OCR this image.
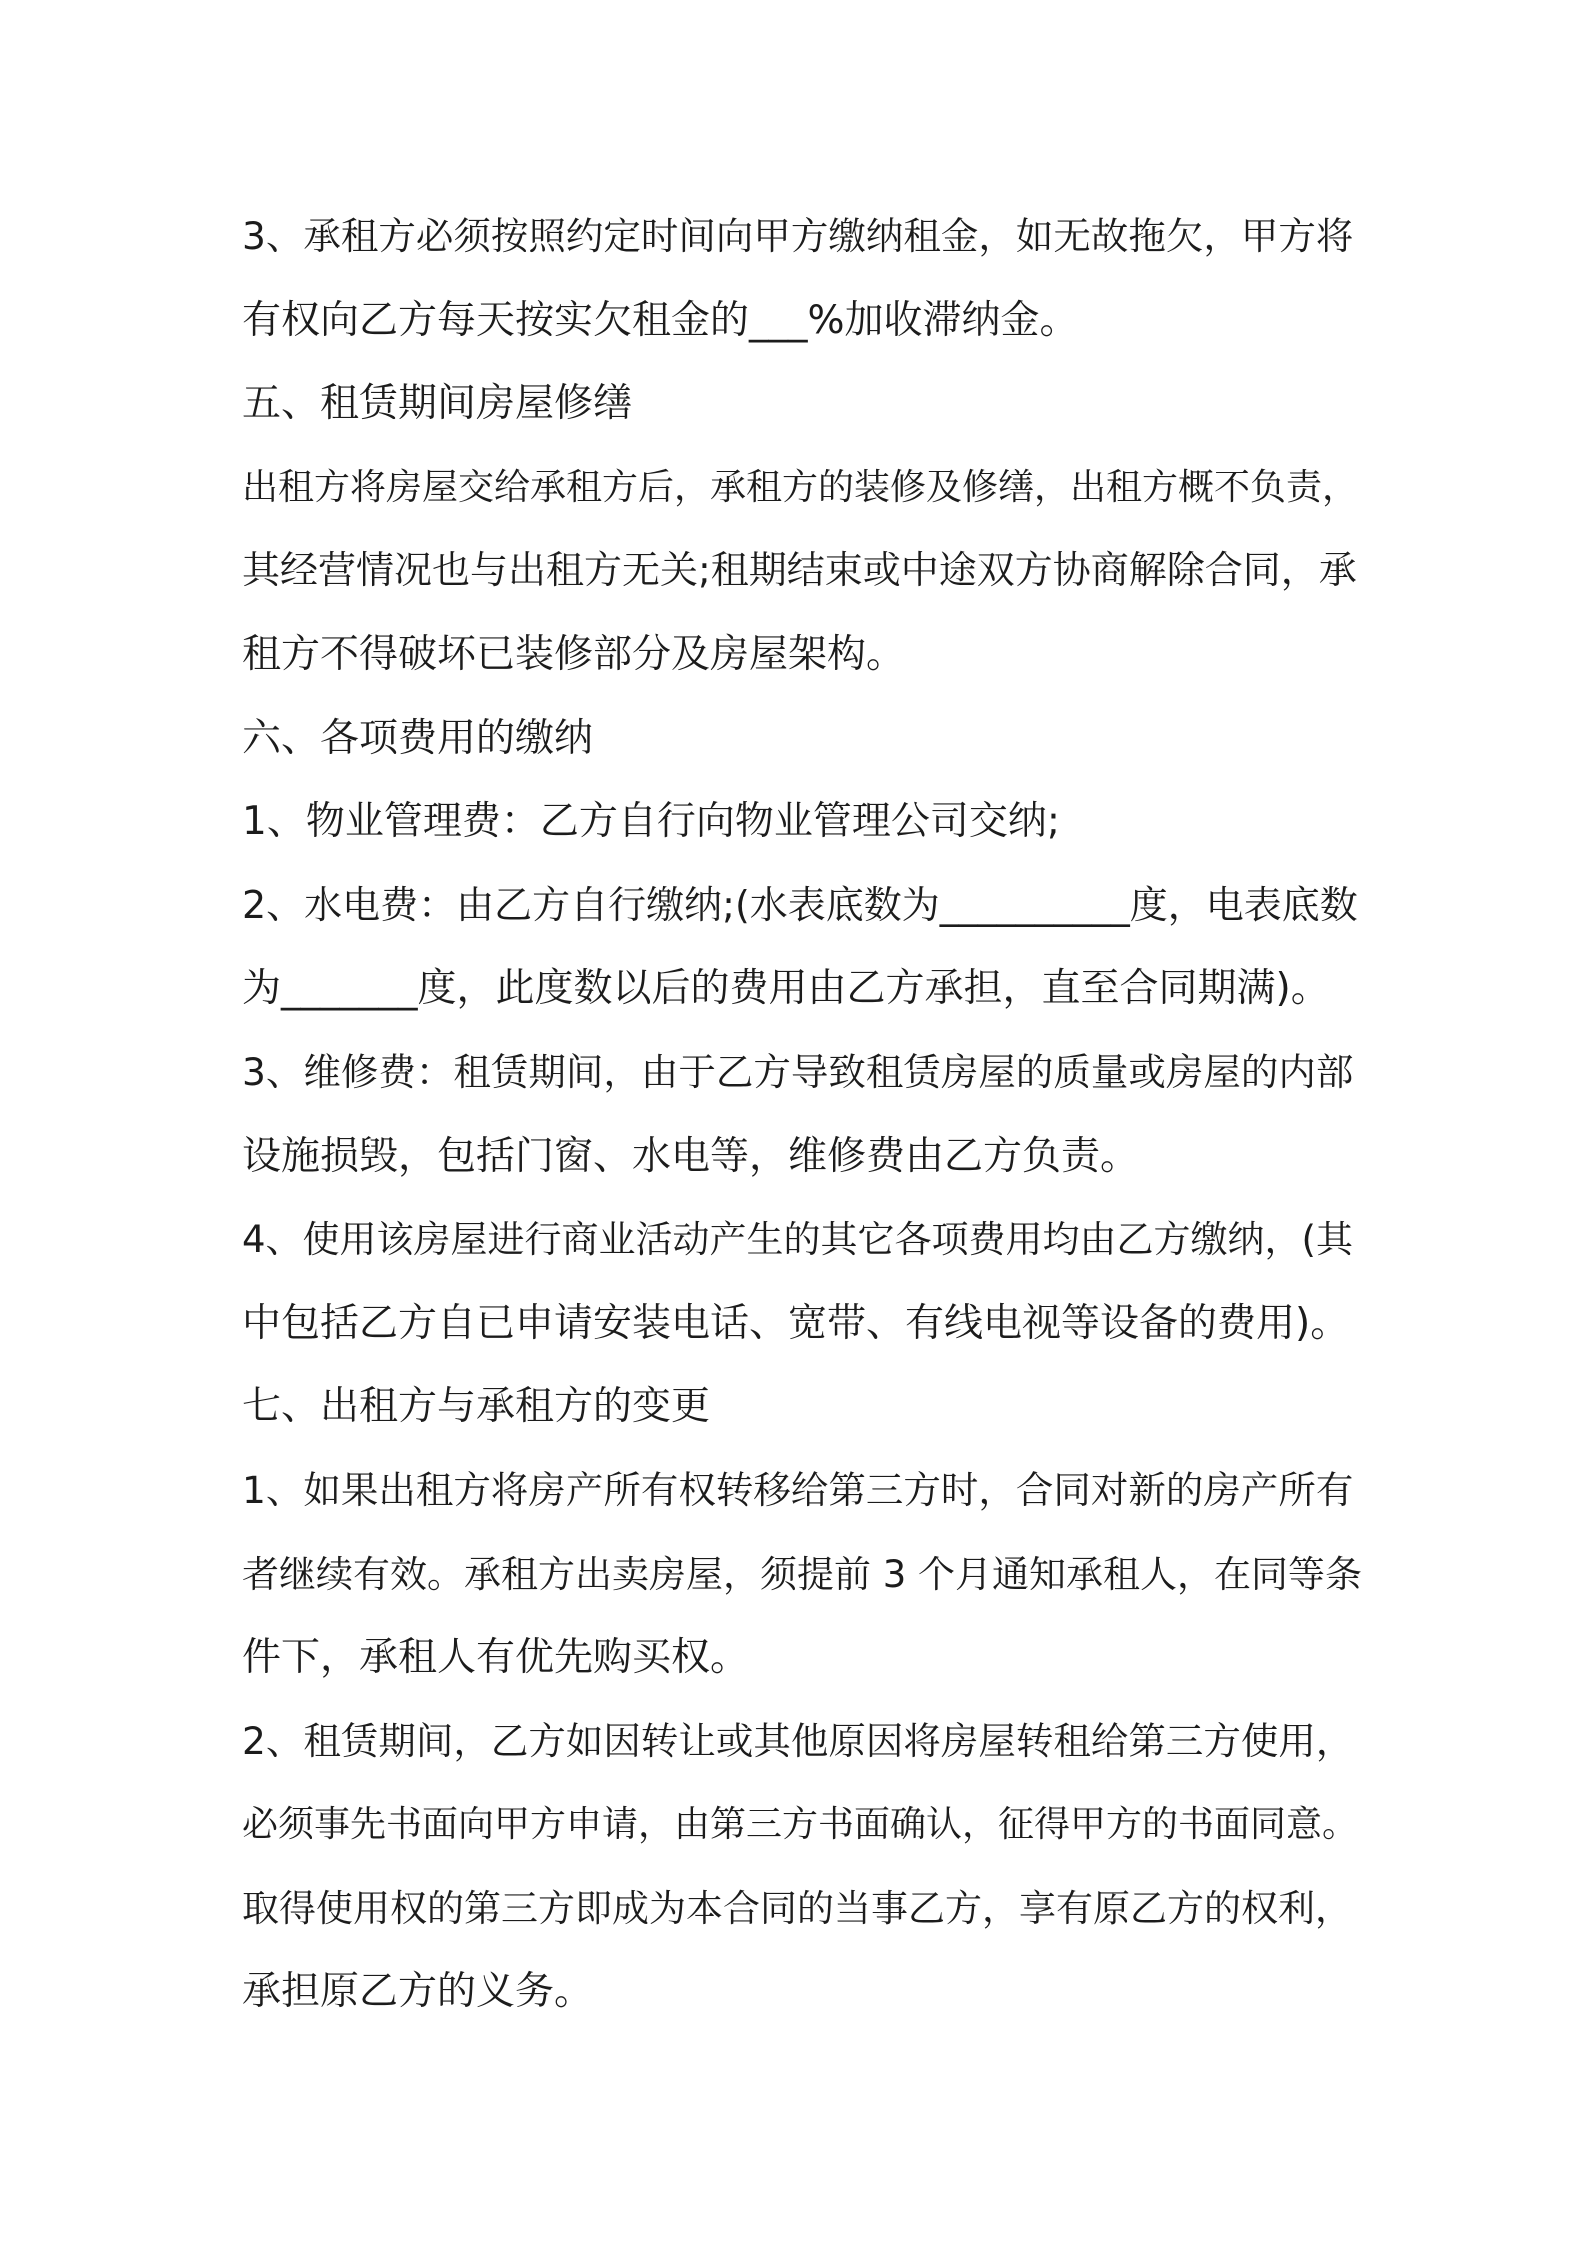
3、承租方必须按照约定时间向甲方缴纳租金，如无故拖欠，甲方将

有权向乙方每天按实欠租金的___%加收滞纳金。

五、租赁期间房屋修缮

出租方将房屋交给承租方后，承租方的装修及修缮，出租方概不负责，

其经营情况也与出租方无关;租期结束或中途双方协商解除合同，承

租方不得破坏已装修部分及房屋架构。

六、各项费用的缴纳

1、物业管理费：乙方自行向物业管理公司交纳;

2、水电费：由乙方自行缴纳;(水表底数为__________度，电表底数

为_______度，此度数以后的费用由乙方承担，直至合同期满)。

3、维修费：租赁期间，由于乙方导致租赁房屋的质量或房屋的内部

设施损毁，包括门窗、水电等，维修费由乙方负责。

4、使用该房屋进行商业活动产生的其它各项费用均由乙方缴纳，(其

中包括乙方自已申请安装电话、宽带、有线电视等设备的费用)。

七、出租方与承租方的变更

1、如果出租方将房产所有权转移给第三方时，合同对新的房产所有

者继续有效。承租方出卖房屋，须提前 3 个月通知承租人，在同等条

件下，承租人有优先购买权。

2、租赁期间，乙方如因转让或其他原因将房屋转租给第三方使用，

必须事先书面向甲方申请，由第三方书面确认，征得甲方的书面同意。

取得使用权的第三方即成为本合同的当事乙方，享有原乙方的权利，

承担原乙方的义务。
